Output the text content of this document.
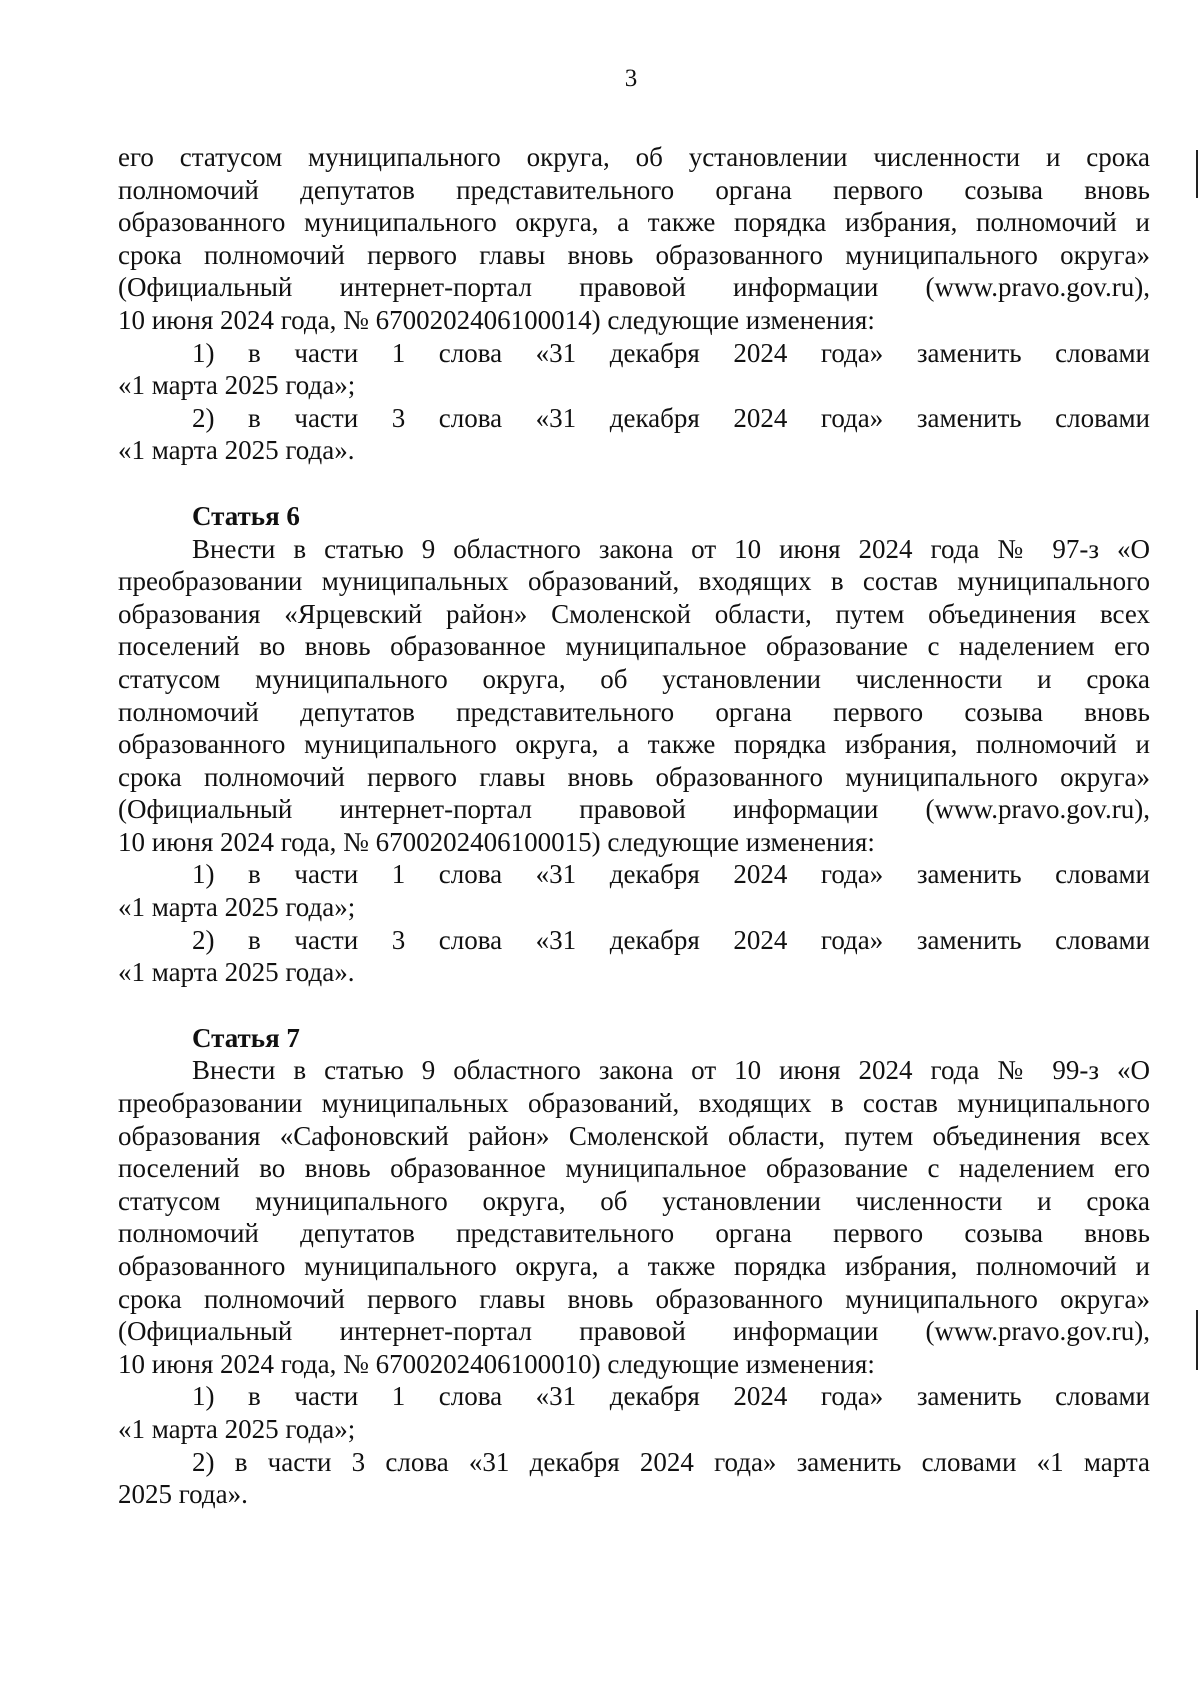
3
его статусом муниципального округа, об установлении численности и срока
полномочий депутатов представительного органа первого созыва вновь
образованного муниципального округа, а также порядка избрания, полномочий и
срока полномочий первого главы вновь образованного муниципального округа»
(Официальный интернет-портал правовой информации (www.pravo.gov.ru),
10 июня 2024 года, № 6700202406100014) следующие изменения:
1) в части 1 слова «31 декабря 2024 года» заменить словами
«1 марта 2025 года»;
2) в части 3 слова «31 декабря 2024 года» заменить словами
«1 марта 2025 года».
Статья 6
Внести в статью 9 областного закона от 10 июня 2024 года № 97-з «О
преобразовании муниципальных образований, входящих в состав муниципального
образования «Ярцевский район» Смоленской области, путем объединения всех
поселений во вновь образованное муниципальное образование с наделением его
статусом муниципального округа, об установлении численности и срока
полномочий депутатов представительного органа первого созыва вновь
образованного муниципального округа, а также порядка избрания, полномочий и
срока полномочий первого главы вновь образованного муниципального округа»
(Официальный интернет-портал правовой информации (www.pravo.gov.ru),
10 июня 2024 года, № 6700202406100015) следующие изменения:
1) в части 1 слова «31 декабря 2024 года» заменить словами
«1 марта 2025 года»;
2) в части 3 слова «31 декабря 2024 года» заменить словами
«1 марта 2025 года».
Статья 7
Внести в статью 9 областного закона от 10 июня 2024 года № 99-з «О
преобразовании муниципальных образований, входящих в состав муниципального
образования «Сафоновский район» Смоленской области, путем объединения всех
поселений во вновь образованное муниципальное образование с наделением его
статусом муниципального округа, об установлении численности и срока
полномочий депутатов представительного органа первого созыва вновь
образованного муниципального округа, а также порядка избрания, полномочий и
срока полномочий первого главы вновь образованного муниципального округа»
(Официальный интернет-портал правовой информации (www.pravo.gov.ru),
10 июня 2024 года, № 6700202406100010) следующие изменения:
1) в части 1 слова «31 декабря 2024 года» заменить словами
«1 марта 2025 года»;
2) в части 3 слова «31 декабря 2024 года» заменить словами «1 марта
2025 года».
